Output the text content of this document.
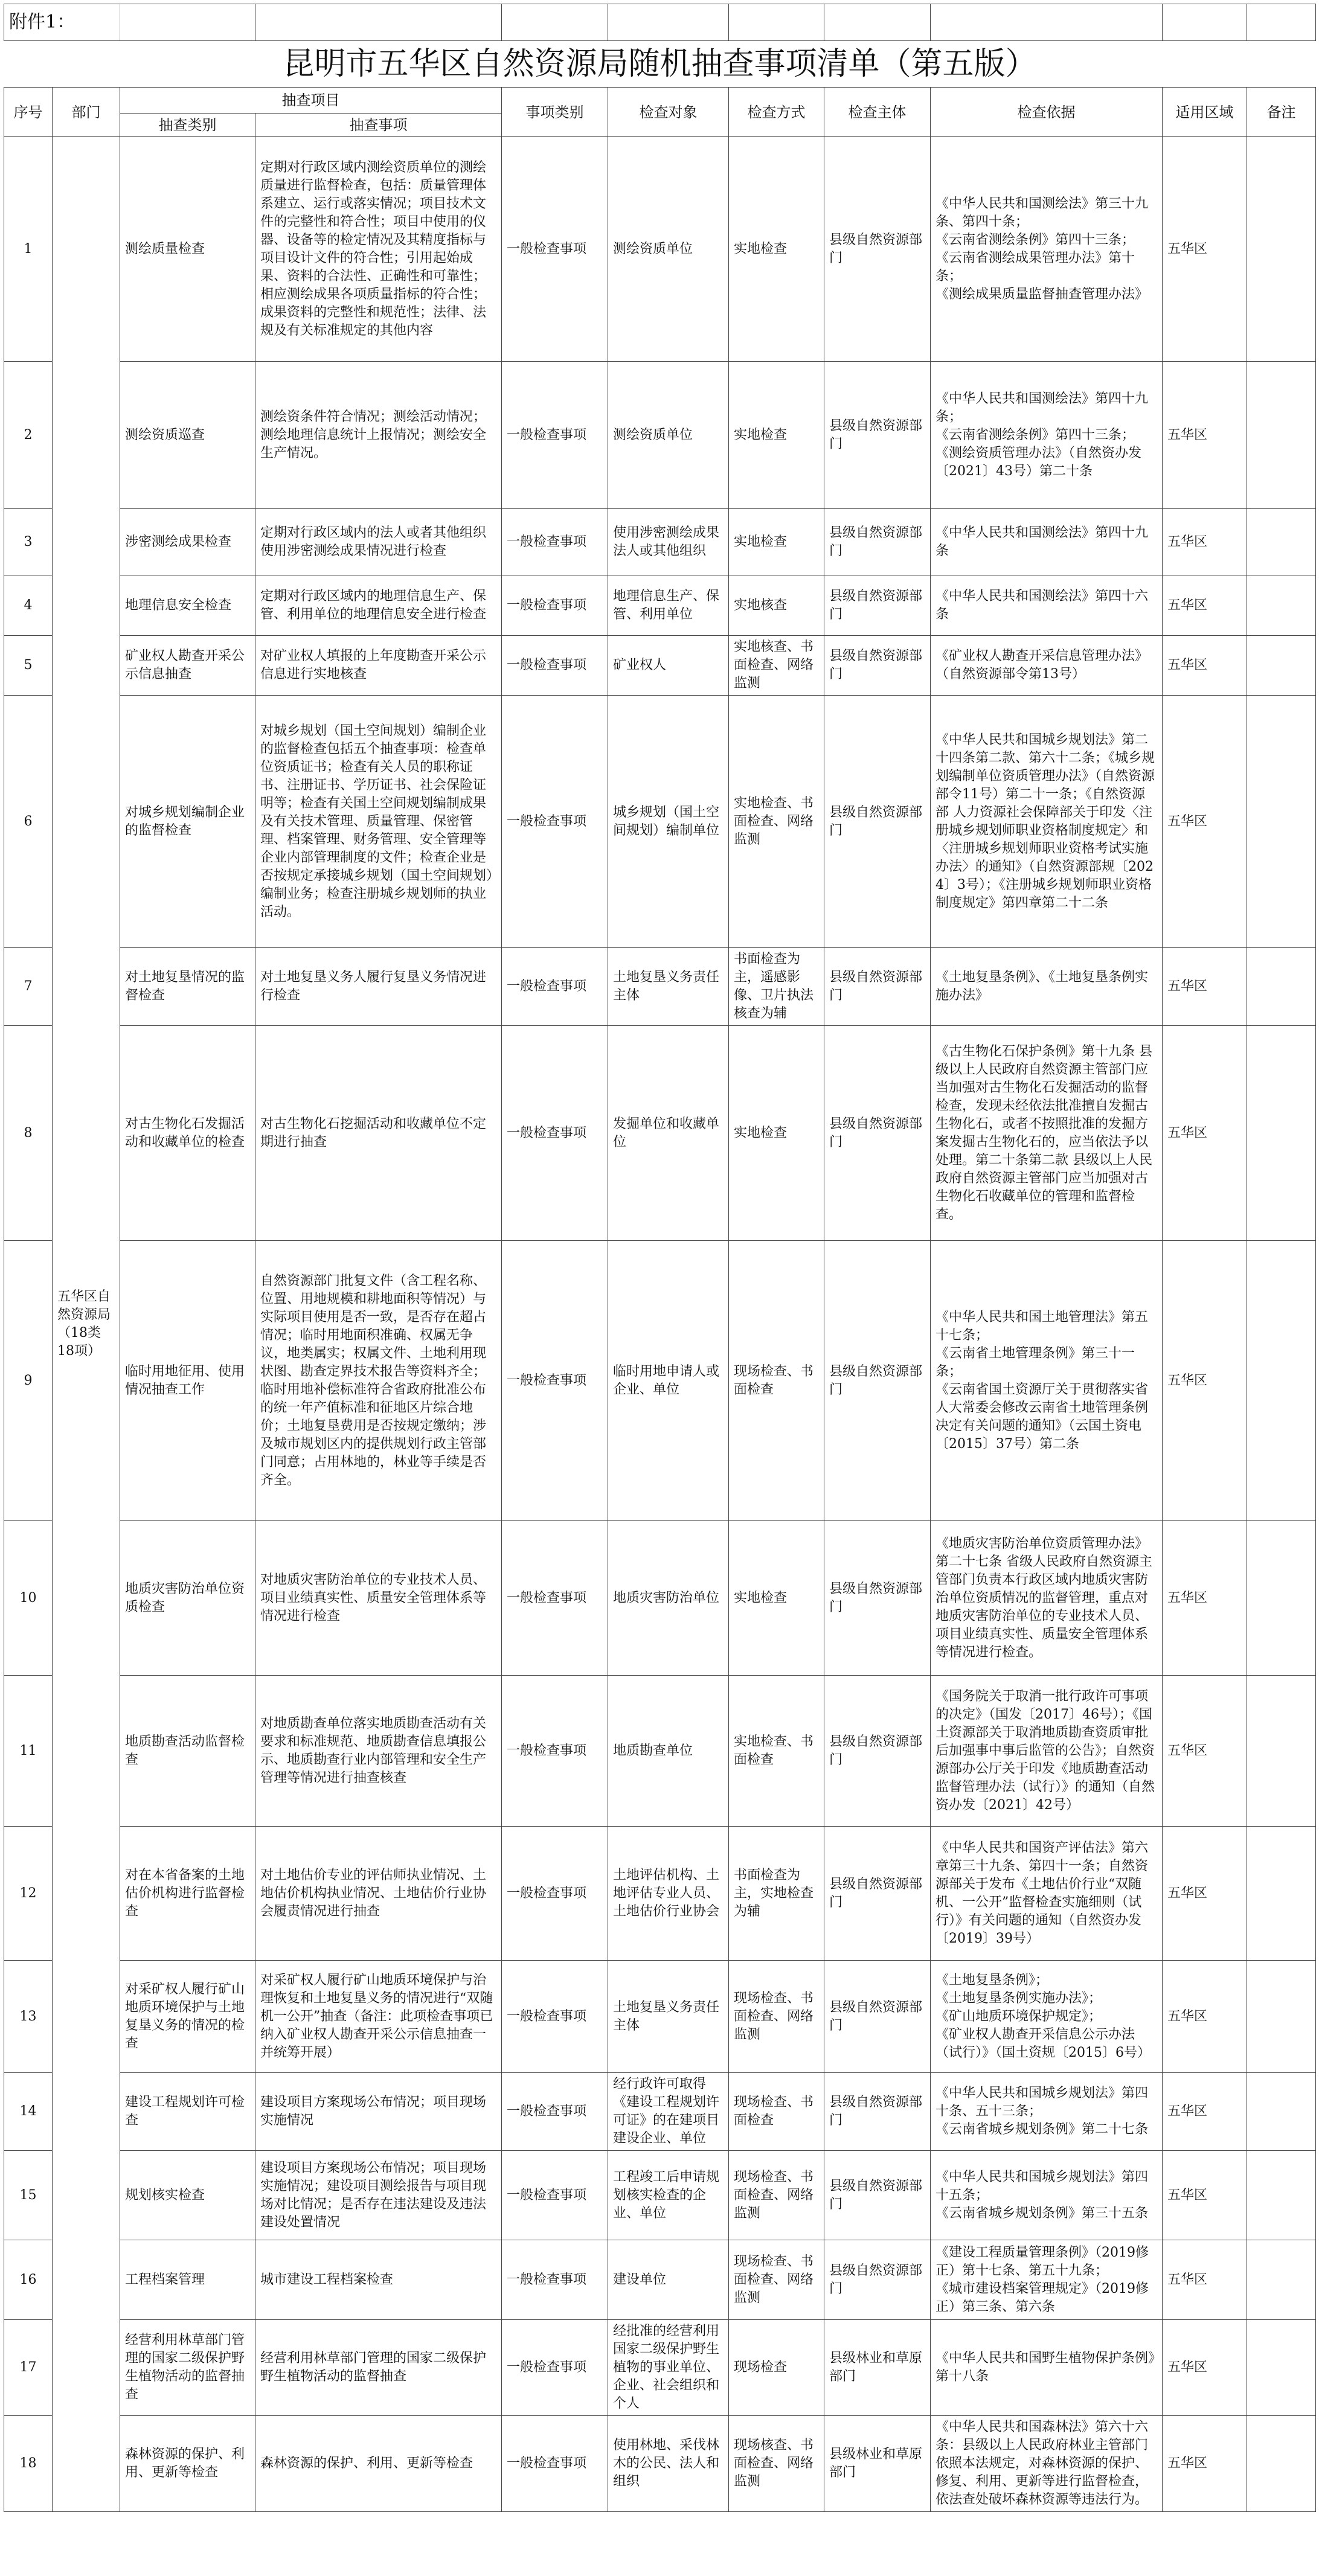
附件1：										
昆明市五华区自然资源局随机抽查事项清单（第五版）										
序号	部门	抽查项目		事项类别	检查对象	检查方式	检查主体	检查依据	适用区域	备注
		抽查类别	抽查事项							
1	五华区自然资源局（18类18项）	测绘质量检查	定期对行政区域内测绘资质单位的测绘质量进行监督检查，包括：质量管理体系建立、运行或落实情况；项目技术文件的完整性和符合性；项目中使用的仪器、设备等的检定情况及其精度指标与项目设计文件的符合性；引用起始成果、资料的合法性、正确性和可靠性；相应测绘成果各项质量指标的符合性；成果资料的完整性和规范性；法律、法规及有关标准规定的其他内容	一般检查事项	测绘资质单位	实地检查	县级自然资源部门	《中华人民共和国测绘法》第三十九条、第四十条；
《云南省测绘条例》第四十三条；
《云南省测绘成果管理办法》第十条；
《测绘成果质量监督抽查管理办法》	五华区	
2		测绘资质巡查	测绘资条件符合情况；测绘活动情况；测绘地理信息统计上报情况；测绘安全生产情况。	一般检查事项	测绘资质单位	实地检查	县级自然资源部门	《中华人民共和国测绘法》第四十九条；
《云南省测绘条例》第四十三条；
《测绘资质管理办法》（自然资办发〔2021〕43号）第二十条	五华区	
3		涉密测绘成果检查	定期对行政区域内的法人或者其他组织使用涉密测绘成果情况进行检查	一般检查事项	使用涉密测绘成果法人或其他组织	实地检查	县级自然资源部门	《中华人民共和国测绘法》第四十九条	五华区	
4		地理信息安全检查	定期对行政区域内的地理信息生产、保管、利用单位的地理信息安全进行检查	一般检查事项	地理信息生产、保管、利用单位	实地核查	县级自然资源部门	《中华人民共和国测绘法》第四十六条	五华区	
5		矿业权人勘查开采公示信息抽查	对矿业权人填报的上年度勘查开采公示信息进行实地核查	一般检查事项	矿业权人	实地核查、书面检查、网络监测	县级自然资源部门	《矿业权人勘查开采信息管理办法》（自然资源部令第13号）	五华区	
6		对城乡规划编制企业的监督检查	对城乡规划（国土空间规划）编制企业的监督检查包括五个抽查事项：检查单位资质证书；检查有关人员的职称证书、注册证书、学历证书、社会保险证明等；检查有关国土空间规划编制成果及有关技术管理、质量管理、保密管理、档案管理、财务管理、安全管理等企业内部管理制度的文件；检查企业是否按规定承接城乡规划（国土空间规划）编制业务；检查注册城乡规划师的执业活动。	一般检查事项	城乡规划（国土空间规划）编制单位	实地检查、书面检查、网络监测	县级自然资源部门	《中华人民共和国城乡规划法》第二十四条第二款、第六十二条；《城乡规划编制单位资质管理办法》（自然资源部令11号）第二十一条；《自然资源部 人力资源社会保障部关于印发〈注册城乡规划师职业资格制度规定〉和〈注册城乡规划师职业资格考试实施办法〉的通知》（自然资源部规〔2024〕3号）；《注册城乡规划师职业资格制度规定》第四章第二十二条	五华区	
7		对土地复垦情况的监督检查	对土地复垦义务人履行复垦义务情况进行检查	一般检查事项	土地复垦义务责任主体	书面检查为主，遥感影像、卫片执法核查为辅	县级自然资源部门	《土地复垦条例》、《土地复垦条例实施办法》	五华区	
8		对古生物化石发掘活动和收藏单位的检查	对古生物化石挖掘活动和收藏单位不定期进行抽查	一般检查事项	发掘单位和收藏单位	实地检查	县级自然资源部门	《古生物化石保护条例》第十九条 县级以上人民政府自然资源主管部门应当加强对古生物化石发掘活动的监督检查，发现未经依法批准擅自发掘古生物化石，或者不按照批准的发掘方案发掘古生物化石的，应当依法予以处理。第二十条第二款 县级以上人民政府自然资源主管部门应当加强对古生物化石收藏单位的管理和监督检查。	五华区	
9		临时用地征用、使用情况抽查工作	自然资源部门批复文件（含工程名称、位置、用地规模和耕地面积等情况）与实际项目使用是否一致，是否存在超占情况；临时用地面积准确、权属无争议，地类属实；权属文件、土地利用现状图、勘查定界技术报告等资料齐全；临时用地补偿标准符合省政府批准公布的统一年产值标准和征地区片综合地价；土地复垦费用是否按规定缴纳；涉及城市规划区内的提供规划行政主管部门同意；占用林地的，林业等手续是否齐全。	一般检查事项	临时用地申请人或企业、单位	现场检查、书面检查	县级自然资源部门	《中华人民共和国土地管理法》第五十七条；
《云南省土地管理条例》第三十一条；
《云南省国土资源厅关于贯彻落实省人大常委会修改云南省土地管理条例决定有关问题的通知》（云国土资电〔2015〕37号）第二条	五华区	
10		地质灾害防治单位资质检查	对地质灾害防治单位的专业技术人员、项目业绩真实性、质量安全管理体系等情况进行检查	一般检查事项	地质灾害防治单位	实地检查	县级自然资源部门	《地质灾害防治单位资质管理办法》第二十七条 省级人民政府自然资源主管部门负责本行政区域内地质灾害防治单位资质情况的监督管理，重点对地质灾害防治单位的专业技术人员、项目业绩真实性、质量安全管理体系等情况进行检查。	五华区	
11		地质勘查活动监督检查	对地质勘查单位落实地质勘查活动有关要求和标准规范、地质勘查信息填报公示、地质勘查行业内部管理和安全生产管理等情况进行抽查核查	一般检查事项	地质勘查单位	实地检查、书面检查	县级自然资源部门	《国务院关于取消一批行政许可事项的决定》（国发〔2017〕46号）；《国土资源部关于取消地质勘查资质审批后加强事中事后监管的公告》；自然资源部办公厅关于印发《地质勘查活动监督管理办法（试行）》的通知（自然资办发〔2021〕42号）	五华区	
12		对在本省备案的土地估价机构进行监督检查	对土地估价专业的评估师执业情况、土地估价机构执业情况、土地估价行业协会履责情况进行抽查	一般检查事项	土地评估机构、土地评估专业人员、土地估价行业协会	书面检查为主，实地检查为辅	县级自然资源部门	《中华人民共和国资产评估法》第六章第三十九条、第四十一条；自然资源部关于发布《土地估价行业“双随机、一公开”监督检查实施细则（试行）》有关问题的通知（自然资办发〔2019〕39号）	五华区	
13		对采矿权人履行矿山地质环境保护与土地复垦义务的情况的检查	对采矿权人履行矿山地质环境保护与治理恢复和土地复垦义务的情况进行“双随机一公开”抽查（备注：此项检查事项已纳入矿业权人勘查开采公示信息抽查一并统筹开展）	一般检查事项	土地复垦义务责任主体	现场检查、书面检查、网络监测	县级自然资源部门	《土地复垦条例》；
《土地复垦条例实施办法》；
《矿山地质环境保护规定》；
《矿业权人勘查开采信息公示办法（试行）》（国土资规〔2015〕6号）	五华区	
14		建设工程规划许可检查	建设项目方案现场公布情况；项目现场实施情况	一般检查事项	经行政许可取得《建设工程规划许可证》的在建项目建设企业、单位	现场检查、书面检查	县级自然资源部门	《中华人民共和国城乡规划法》第四十条、五十三条；
《云南省城乡规划条例》第二十七条	五华区	
15		规划核实检查	建设项目方案现场公布情况；项目现场实施情况；建设项目测绘报告与项目现场对比情况；是否存在违法建设及违法建设处置情况	一般检查事项	工程竣工后申请规划核实检查的企业、单位	现场检查、书面检查、网络监测	县级自然资源部门	《中华人民共和国城乡规划法》第四十五条；
《云南省城乡规划条例》第三十五条	五华区	
16		工程档案管理	城市建设工程档案检查	一般检查事项	建设单位	现场检查、书面检查、网络监测	县级自然资源部门	《建设工程质量管理条例》（2019修正）第十七条、第五十九条；
《城市建设档案管理规定》（2019修正）第三条、第六条	五华区	
17		经营利用林草部门管理的国家二级保护野生植物活动的监督抽查	经营利用林草部门管理的国家二级保护野生植物活动的监督抽查	一般检查事项	经批准的经营利用国家二级保护野生植物的事业单位、企业、社会组织和个人	现场检查	县级林业和草原部门	《中华人民共和国野生植物保护条例》第十八条	五华区	
18		森林资源的保护、利用、更新等检查	森林资源的保护、利用、更新等检查	一般检查事项	使用林地、采伐林木的公民、法人和组织	现场核查、书面检查、网络监测	县级林业和草原部门	《中华人民共和国森林法》第六十六条：县级以上人民政府林业主管部门依照本法规定，对森林资源的保护、修复、利用、更新等进行监督检查，依法查处破坏森林资源等违法行为。	五华区	
